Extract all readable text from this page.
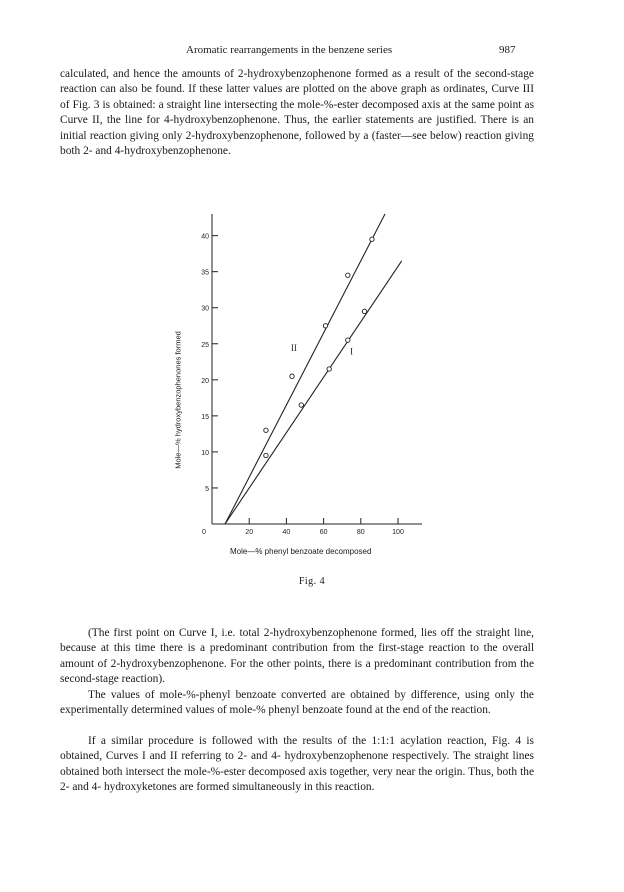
Aromatic rearrangements in the benzene series	987

calculated, and hence the amounts of 2-hydroxybenzophenone formed as a result of the second-stage reaction can also be found. If these latter values are plotted on the above graph as ordinates, Curve III of Fig. 3 is obtained: a straight line intersecting the mole-%-ester decomposed axis at the same point as Curve II, the line for 4-hydroxybenzophenone. Thus, the earlier statements are justified. There is an initial reaction giving only 2-hydroxybenzophenone, followed by a (faster—see below) reaction giving both 2- and 4-hydroxybenzophenone.

5
10
15
20
25
30
35
40
0	20	40	60	80	100
II	I
Mole—% hydroxybenzophenones formed
Mole—% phenyl benzoate decomposed
Fig. 4

(The first point on Curve I, i.e. total 2-hydroxybenzophenone formed, lies off the straight line, because at this time there is a predominant contribution from the first-stage reaction to the overall amount of 2-hydroxybenzophenone. For the other points, there is a predominant contribution from the second-stage reaction).

The values of mole-%-phenyl benzoate converted are obtained by difference, using only the experimentally determined values of mole-% phenyl benzoate found at the end of the reaction.

If a similar procedure is followed with the results of the 1:1:1 acylation reaction, Fig. 4 is obtained, Curves I and II referring to 2- and 4- hydroxybenzophenone respectively. The straight lines obtained both intersect the mole-%-ester decomposed axis together, very near the origin. Thus, both the 2- and 4- hydroxyketones are formed simultaneously in this reaction.
